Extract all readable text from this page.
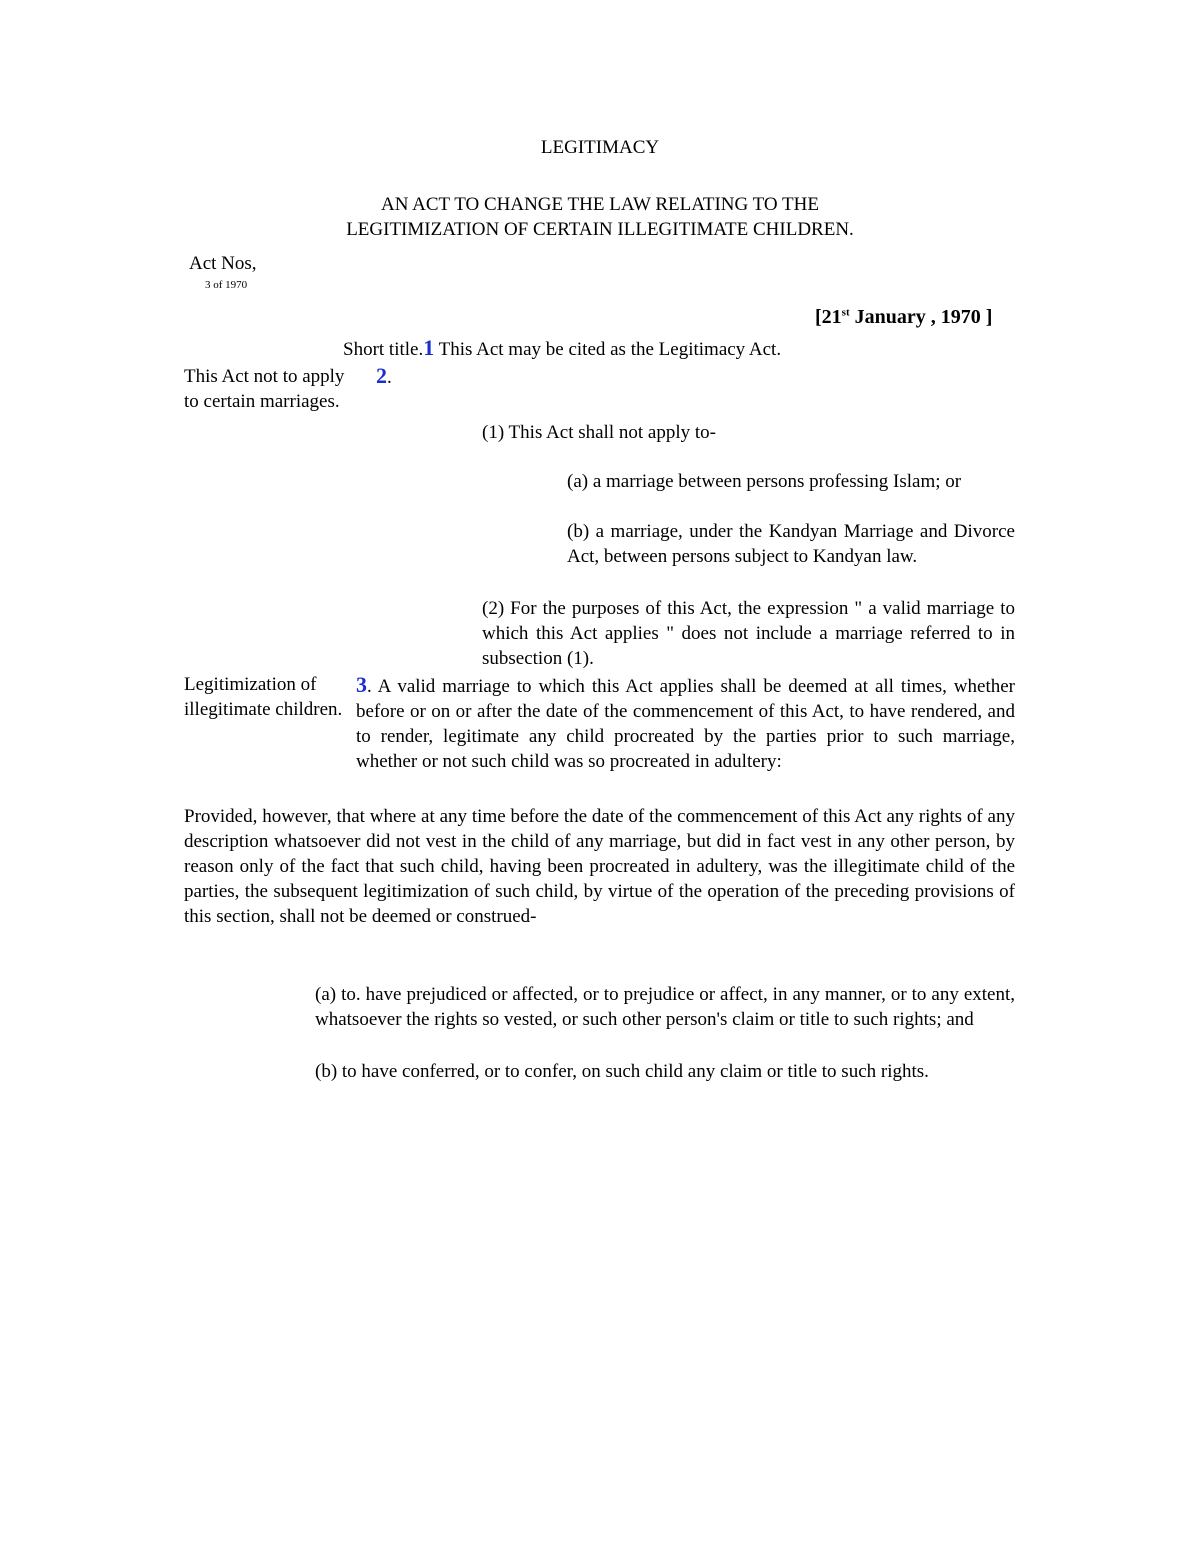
LEGITIMACY
AN ACT TO CHANGE THE LAW RELATING TO THE
LEGITIMIZATION OF CERTAIN ILLEGITIMATE CHILDREN.
Act Nos,
3 of 1970
[21st January , 1970 ]
Short title.1 This Act may be cited as the Legitimacy Act.
This Act not to apply 2.
to certain marriages.
(1) This Act shall not apply to-
(a) a marriage between persons professing Islam; or
(b) a marriage, under the Kandyan Marriage and Divorce Act, between persons subject to Kandyan law.
(2) For the purposes of this Act, the expression " a valid marriage to which this Act applies " does not include a marriage referred to in subsection (1).
Legitimization of illegitimate children.
3. A valid marriage to which this Act applies shall be deemed at all times, whether before or on or after the date of the commencement of this Act, to have rendered, and to render, legitimate any child procreated by the parties prior to such marriage, whether or not such child was so procreated in adultery:
Provided, however, that where at any time before the date of the commencement of this Act any rights of any description whatsoever did not vest in the child of any marriage, but did in fact vest in any other person, by reason only of the fact that such child, having been procreated in adultery, was the illegitimate child of the parties, the subsequent legitimization of such child, by virtue of the operation of the preceding provisions of this section, shall not be deemed or construed-
(a) to. have prejudiced or affected, or to prejudice or affect, in any manner, or to any extent, whatsoever the rights so vested, or such other person's claim or title to such rights; and
(b) to have conferred, or to confer, on such child any claim or title to such rights.
